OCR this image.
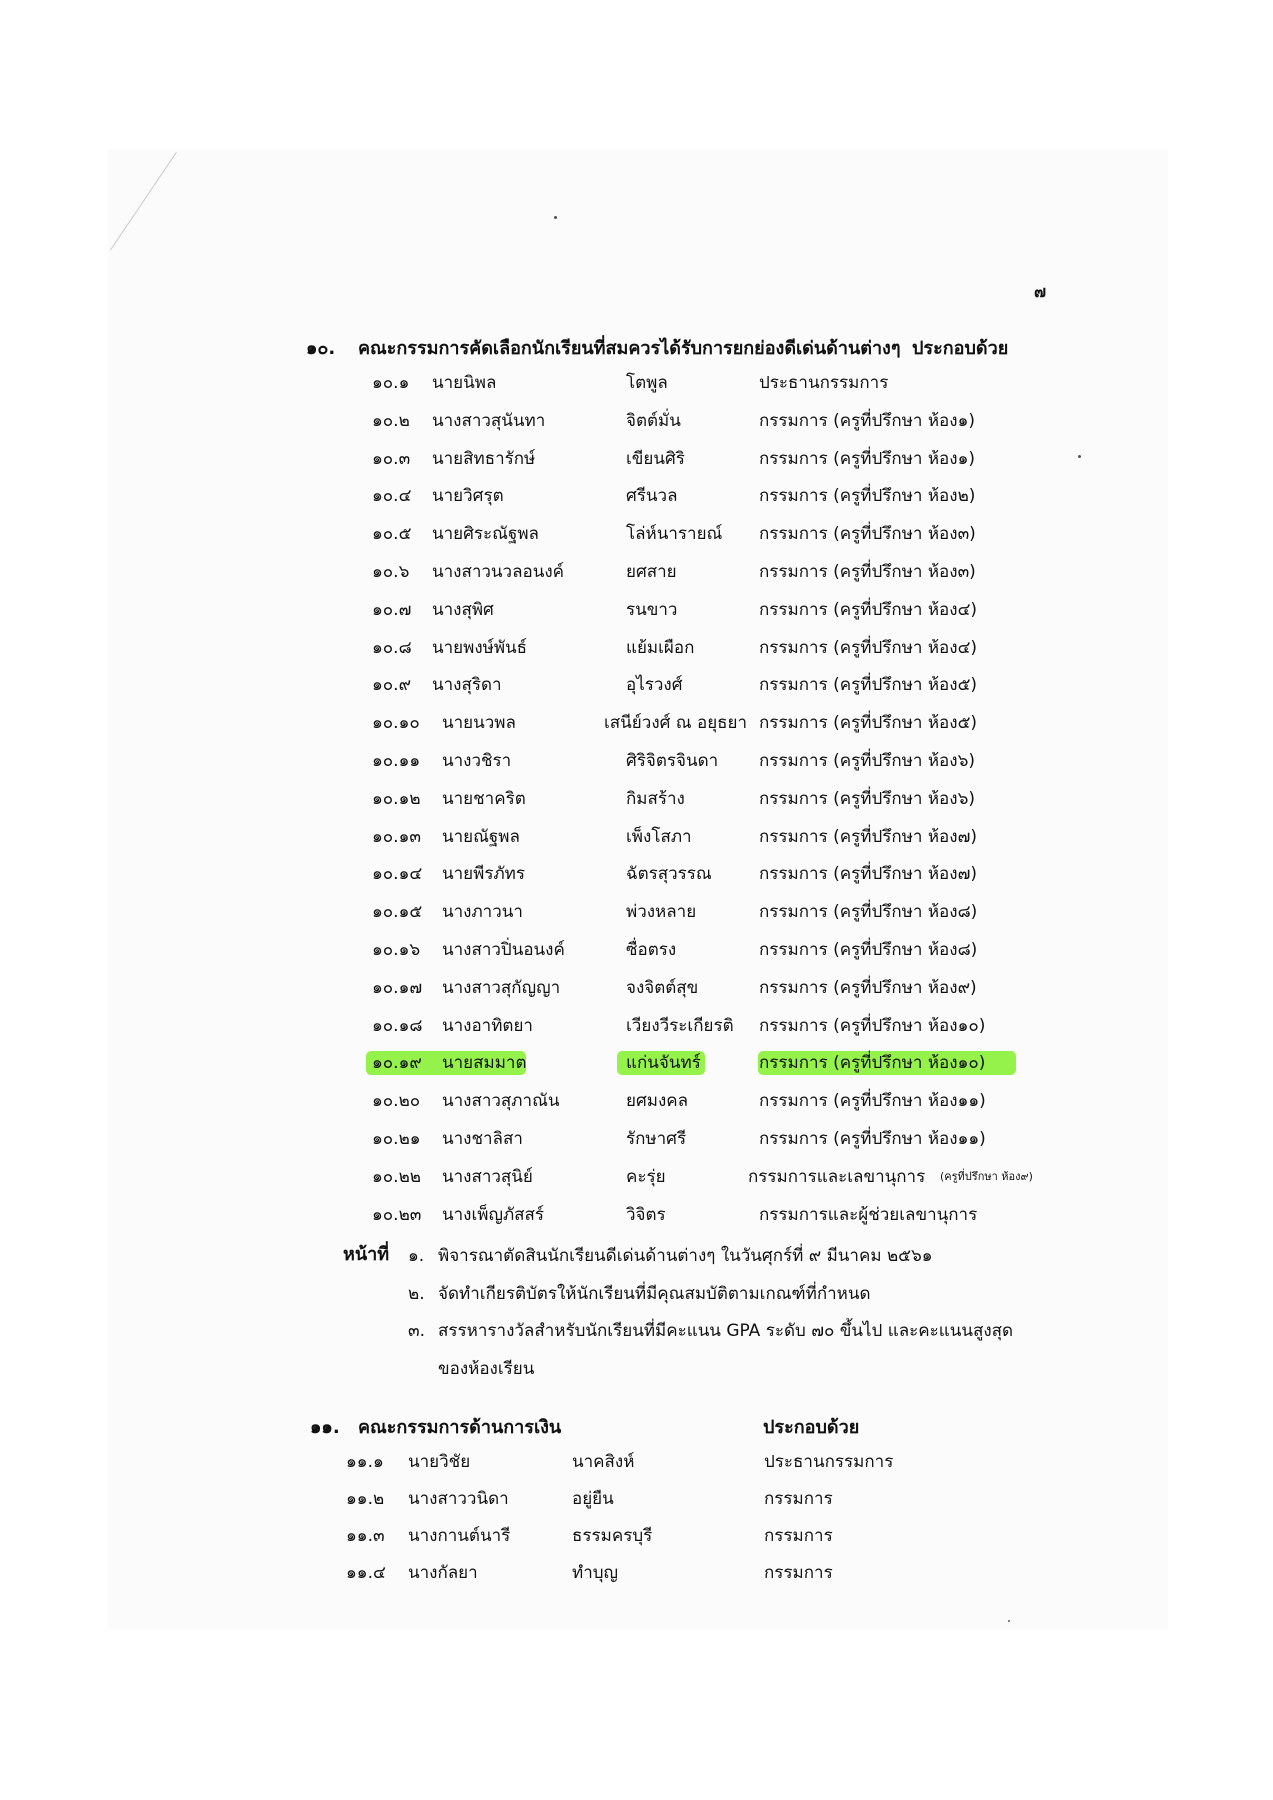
๗
๑๐. คณะกรรมการคัดเลือกนักเรียนที่สมควรได้รับการยกย่องดีเด่นด้านต่างๆ ประกอบด้วย
๑๐.๑ นายนิพล	โตพูล	ประธานกรรมการ
๑๐.๒ นางสาวสุนันทา	จิตต์มั่น	กรรมการ (ครูที่ปรึกษา ห้อง๑)
๑๐.๓ นายสิทธารักษ์	เขียนศิริ	กรรมการ (ครูที่ปรึกษา ห้อง๑)
๑๐.๔ นายวิศรุต	ศรีนวล	กรรมการ (ครูที่ปรึกษา ห้อง๒)
๑๐.๕ นายศิระณัฐพล	โล่ห์นารายณ์ กรรมการ (ครูที่ปรึกษา ห้อง๓)
๑๐.๖ นางสาวนวลอนงค์	ยศสาย	กรรมการ (ครูที่ปรึกษา ห้อง๓)
๑๐.๗ นางสุพิศ	รนขาว	กรรมการ (ครูที่ปรึกษา ห้อง๔)
๑๐.๘ นายพงษ์พันธ์	แย้มเผือก	กรรมการ (ครูที่ปรึกษา ห้อง๔)
๑๐.๙ นางสุริดา	อุไรวงศ์	กรรมการ (ครูที่ปรึกษา ห้อง๕)
๑๐.๑๐ นายนวพล	เสนีย์วงศ์ ณ อยุธยา กรรมการ (ครูที่ปรึกษา ห้อง๕)
๑๐.๑๑ นางวชิรา	ศิริจิตรจินดา กรรมการ (ครูที่ปรึกษา ห้อง๖)
๑๐.๑๒ นายชาคริต	กิมสร้าง	กรรมการ (ครูที่ปรึกษา ห้อง๖)
๑๐.๑๓ นายณัฐพล	เพ็งโสภา	กรรมการ (ครูที่ปรึกษา ห้อง๗)
๑๐.๑๔ นายพีรภัทร	ฉัตรสุวรรณ	กรรมการ (ครูที่ปรึกษา ห้อง๗)
๑๐.๑๕ นางภาวนา	พ่วงหลาย	กรรมการ (ครูที่ปรึกษา ห้อง๘)
๑๐.๑๖ นางสาวปิ่นอนงค์	ซื่อตรง	กรรมการ (ครูที่ปรึกษา ห้อง๘)
๑๐.๑๗ นางสาวสุกัญญา	จงจิตต์สุข	กรรมการ (ครูที่ปรึกษา ห้อง๙)
๑๐.๑๘ นางอาทิตยา	เวียงวีระเกียรติ กรรมการ (ครูที่ปรึกษา ห้อง๑๐)
๑๐.๑๙ นายสมมาต	แก่นจันทร์	กรรมการ (ครูที่ปรึกษา ห้อง๑๐)
๑๐.๒๐ นางสาวสุภาณัน	ยศมงคล	กรรมการ (ครูที่ปรึกษา ห้อง๑๑)
๑๐.๒๑ นางชาลิสา	รักษาศรี	กรรมการ (ครูที่ปรึกษา ห้อง๑๑)
๑๐.๒๒ นางสาวสุนิย์	คะรุ่ย	กรรมการและเลขานุการ (ครูที่ปรึกษา ห้อง๙)
๑๐.๒๓ นางเพ็ญภัสสร์	วิจิตร	กรรมการและผู้ช่วยเลขานุการ
หน้าที่ ๑. พิจารณาตัดสินนักเรียนดีเด่นด้านต่างๆ ในวันศุกร์ที่ ๙ มีนาคม ๒๕๖๑
๒. จัดทำเกียรติบัตรให้นักเรียนที่มีคุณสมบัติตามเกณฑ์ที่กำหนด
๓. สรรหารางวัลสำหรับนักเรียนที่มีคะแนน GPA ระดับ ๗๐ ขึ้นไป และคะแนนสูงสุด
ของห้องเรียน
๑๑. คณะกรรมการด้านการเงิน	ประกอบด้วย
๑๑.๑ นายวิชัย	นาคสิงห์	ประธานกรรมการ
๑๑.๒ นางสาววนิดา	อยู่ยืน	กรรมการ
๑๑.๓ นางกานต์นารี	ธรรมครบุรี	กรรมการ
๑๑.๔ นางกัลยา	ทำบุญ	กรรมการ
